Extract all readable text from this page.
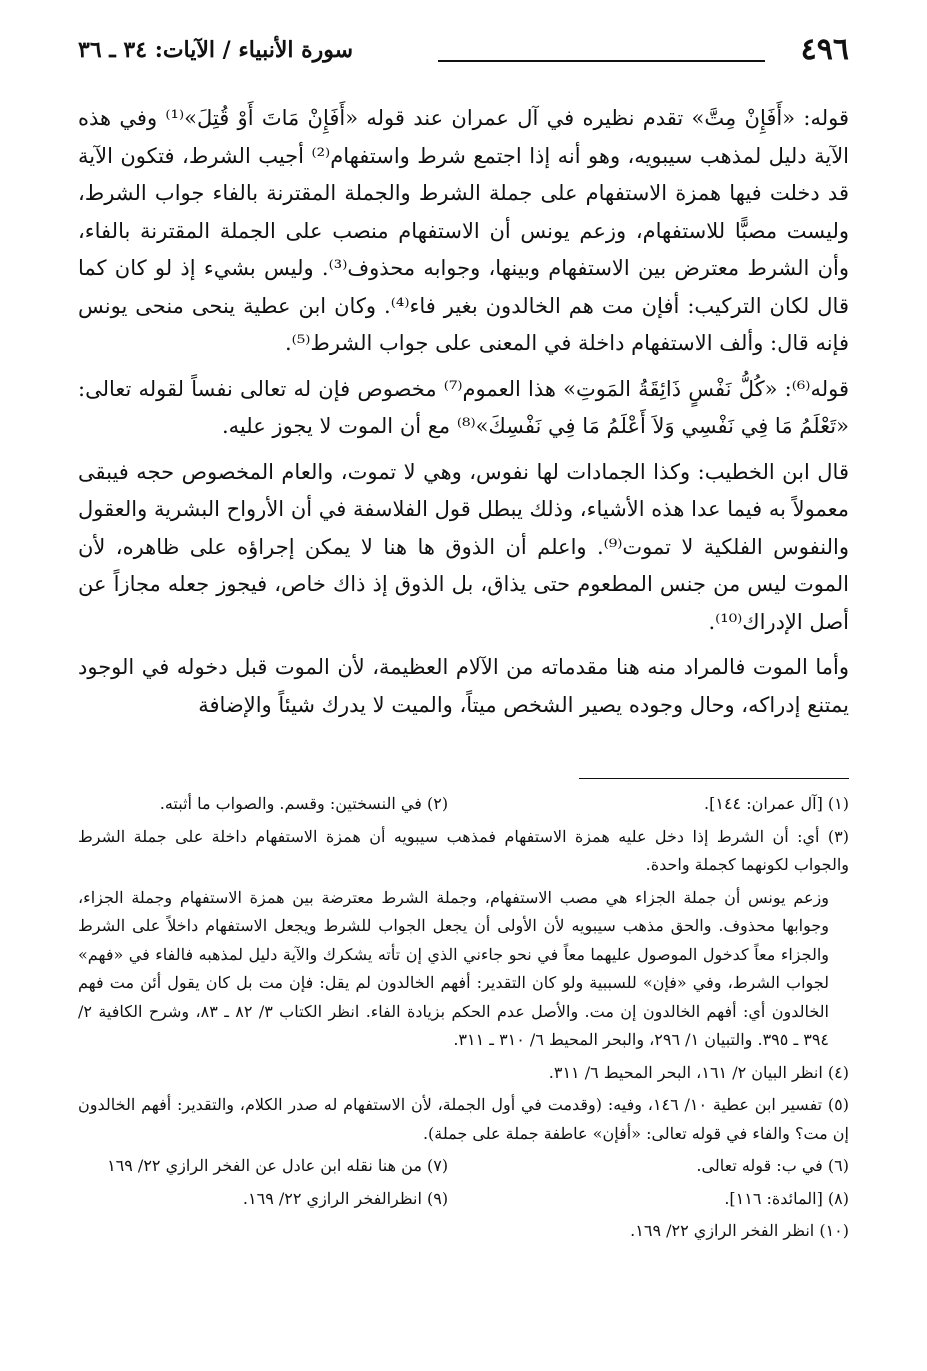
٤٩٦
سورة الأنبياء / الآيات: ٣٤ ـ ٣٦

قوله: «أَفَإِنْ مِتَّ» تقدم نظيره في آل عمران عند قوله «أَفَإِنْ مَاتَ أَوْ قُتِلَ»⁽¹⁾ وفي هذه الآية دليل لمذهب سيبويه، وهو أنه إذا اجتمع شرط واستفهام⁽²⁾ أجيب الشرط، فتكون الآية قد دخلت فيها همزة الاستفهام على جملة الشرط والجملة المقترنة بالفاء جواب الشرط، وليست مصبًّا للاستفهام، وزعم يونس أن الاستفهام منصب على الجملة المقترنة بالفاء، وأن الشرط معترض بين الاستفهام وبينها، وجوابه محذوف⁽³⁾. وليس بشيء إذ لو كان كما قال لكان التركيب: أفإن مت هم الخالدون بغير فاء⁽⁴⁾. وكان ابن عطية ينحى منحى يونس فإنه قال: وألف الاستفهام داخلة في المعنى على جواب الشرط⁽⁵⁾.

قوله⁽⁶⁾: «كُلُّ نَفْسٍ ذَائِقَةُ المَوتِ» هذا العموم⁽⁷⁾ مخصوص فإن له تعالى نفساً لقوله تعالى: «تَعْلَمُ مَا فِي نَفْسِي وَلاَ أَعْلَمُ مَا فِي نَفْسِكَ»⁽⁸⁾ مع أن الموت لا يجوز عليه.

قال ابن الخطيب: وكذا الجمادات لها نفوس، وهي لا تموت، والعام المخصوص حجه فيبقى معمولاً به فيما عدا هذه الأشياء، وذلك يبطل قول الفلاسفة في أن الأرواح البشرية والعقول والنفوس الفلكية لا تموت⁽⁹⁾. واعلم أن الذوق ها هنا لا يمكن إجراؤه على ظاهره، لأن الموت ليس من جنس المطعوم حتى يذاق، بل الذوق إذ ذاك خاص، فيجوز جعله مجازاً عن أصل الإدراك⁽¹⁰⁾.

وأما الموت فالمراد منه هنا مقدماته من الآلام العظيمة، لأن الموت قبل دخوله في الوجود يمتنع إدراكه، وحال وجوده يصير الشخص ميتاً، والميت لا يدرك شيئاً والإضافة

(١) [آل عمران: ١٤٤].
(٢) في النسختين: وقسم. والصواب ما أثبته.
(٣) أي: أن الشرط إذا دخل عليه همزة الاستفهام فمذهب سيبويه أن همزة الاستفهام داخلة على جملة الشرط والجواب لكونهما كجملة واحدة.
وزعم يونس أن جملة الجزاء هي مصب الاستفهام، وجملة الشرط معترضة بين همزة الاستفهام وجملة الجزاء، وجوابها محذوف. والحق مذهب سيبويه لأن الأولى أن يجعل الجواب للشرط ويجعل الاستفهام داخلاً على الشرط والجزاء معاً كدخول الموصول عليهما معاً في نحو جاءني الذي إن تأته يشكرك والآية دليل لمذهبه فالفاء في «فهم» لجواب الشرط، وفي «فإن» للسببية ولو كان التقدير: أفهم الخالدون لم يقل: فإن مت بل كان يقول أئن مت فهم الخالدون أي: أفهم الخالدون إن مت. والأصل عدم الحكم بزيادة الفاء. انظر الكتاب ٣/ ٨٢ ـ ٨٣، وشرح الكافية ٢/ ٣٩٤ ـ ٣٩٥. والتبيان ١/ ٢٩٦، والبحر المحيط ٦/ ٣١٠ ـ ٣١١.
(٤) انظر البيان ٢/ ١٦١، البحر المحيط ٦/ ٣١١.
(٥) تفسير ابن عطية ١٠/ ١٤٦، وفيه: (وقدمت في أول الجملة، لأن الاستفهام له صدر الكلام، والتقدير: أفهم الخالدون إن مت؟ والفاء في قوله تعالى: «أفإن» عاطفة جملة على جملة).
(٦) في ب: قوله تعالى.
(٧) من هنا نقله ابن عادل عن الفخر الرازي ٢٢/ ١٦٩
(٨) [المائدة: ١١٦].
(٩) انظرالفخر الرازي ٢٢/ ١٦٩.
(١٠) انظر الفخر الرازي ٢٢/ ١٦٩.
